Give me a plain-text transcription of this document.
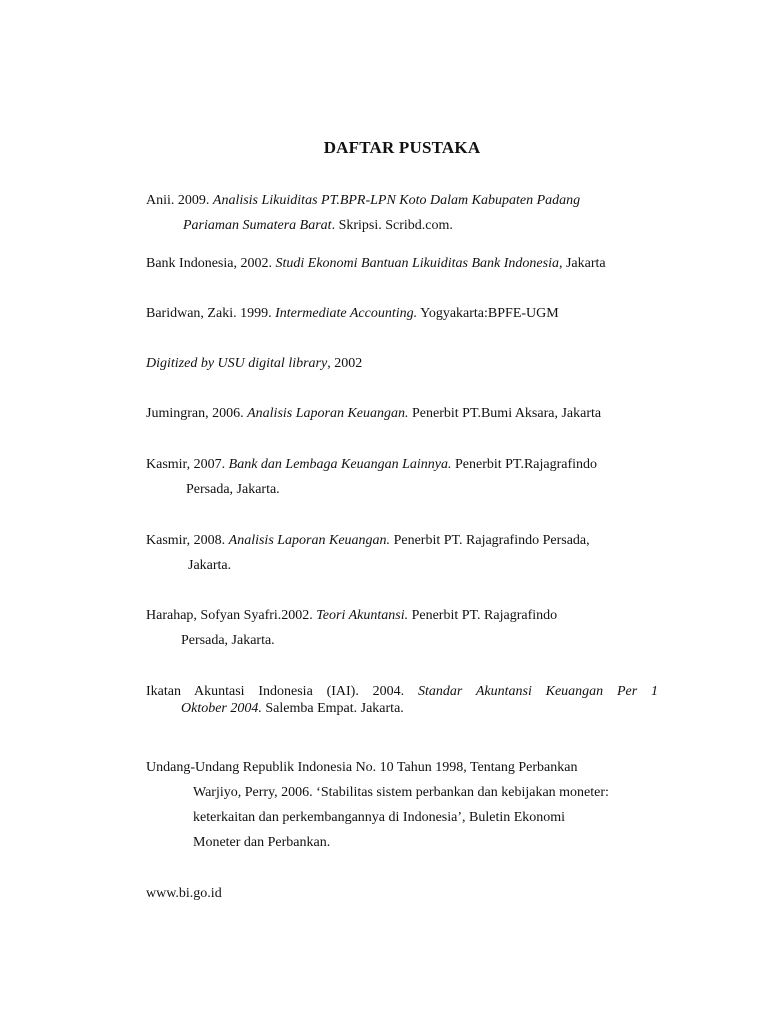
DAFTAR PUSTAKA
Anii. 2009. Analisis Likuiditas PT.BPR-LPN Koto Dalam Kabupaten Padang
Pariaman Sumatera Barat. Skripsi. Scribd.com.
Bank Indonesia, 2002. Studi Ekonomi Bantuan Likuiditas Bank Indonesia, Jakarta
Baridwan, Zaki. 1999. Intermediate Accounting. Yogyakarta:BPFE-UGM
Digitized by USU digital library, 2002
Jumingran, 2006. Analisis Laporan Keuangan. Penerbit PT.Bumi Aksara, Jakarta
Kasmir, 2007. Bank dan Lembaga Keuangan Lainnya. Penerbit PT.Rajagrafindo
Persada, Jakarta.
Kasmir, 2008. Analisis Laporan Keuangan. Penerbit PT. Rajagrafindo Persada,
Jakarta.
Harahap, Sofyan Syafri.2002. Teori Akuntansi. Penerbit PT. Rajagrafindo
Persada, Jakarta.
Ikatan Akuntasi Indonesia (IAI). 2004. Standar Akuntansi Keuangan Per 1
Oktober 2004. Salemba Empat. Jakarta.
Undang-Undang Republik Indonesia No. 10 Tahun 1998, Tentang Perbankan
Warjiyo, Perry, 2006. ‘Stabilitas sistem perbankan dan kebijakan moneter:
keterkaitan dan perkembangannya di Indonesia’, Buletin Ekonomi
Moneter dan Perbankan.
www.bi.go.id
